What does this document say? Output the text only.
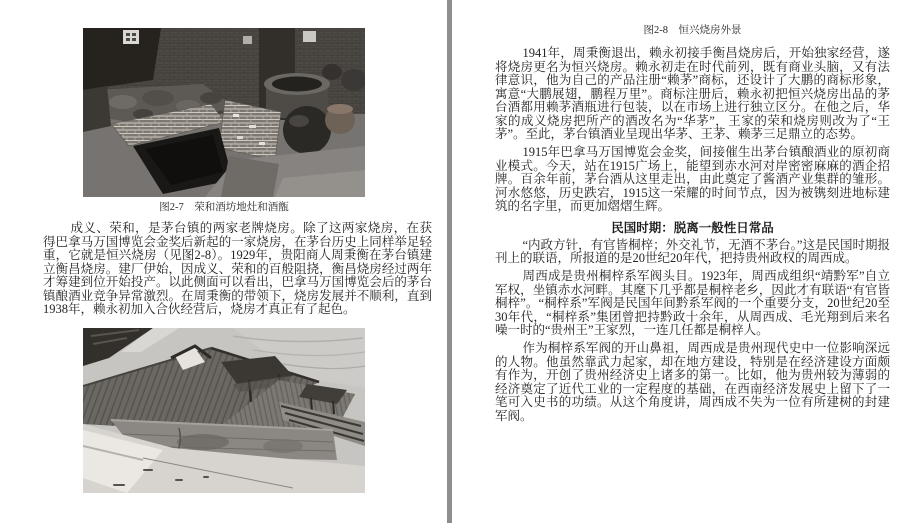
图2-7　荣和酒坊地灶和酒甑

成义、荣和，是茅台镇的两家老牌烧房。除了这两家烧房，在获得巴拿马万国博览会金奖后新起的一家烧房，在茅台历史上同样举足轻重，它就是恒兴烧房（见图2-8）。1929年，贵阳商人周秉衡在茅台镇建立衡昌烧房。建厂伊始，因成义、荣和的百般阻挠，衡昌烧房经过两年才筹建到位开始投产。以此侧面可以看出，巴拿马万国博览会后的茅台镇酿酒业竞争异常激烈。在周秉衡的带领下，烧房发展并不顺利，直到1938年，赖永初加入合伙经营后，烧房才真正有了起色。

图2-8　恒兴烧房外景

1941年，周秉衡退出，赖永初接手衡昌烧房后，开始独家经营，遂将烧房更名为恒兴烧房。赖永初走在时代前列，既有商业头脑，又有法律意识，他为自己的产品注册“赖茅”商标，还设计了大鹏的商标形象，寓意“大鹏展翅，鹏程万里”。商标注册后，赖永初把恒兴烧房出品的茅台酒都用赖茅酒瓶进行包装，以在市场上进行独立区分。在他之后，华家的成义烧房把所产的酒改名为“华茅”，王家的荣和烧房则改为了“王茅”。至此，茅台镇酒业呈现出华茅、王茅、赖茅三足鼎立的态势。

1915年巴拿马万国博览会金奖，间接催生出茅台镇酿酒业的原初商业模式。今天，站在1915广场上，能望到赤水河对岸密密麻麻的酒企招牌。百余年前，茅台酒从这里走出，由此奠定了酱酒产业集群的雏形。河水悠悠，历史跌宕，1915这一荣耀的时间节点，因为被镌刻进地标建筑的名字里，而更加熠熠生辉。

民国时期：脱离一般性日常品

“内政方针，有官皆桐梓；外交礼节，无酒不茅台。”这是民国时期报刊上的联语，所报道的是20世纪20年代，把持贵州政权的周西成。

周西成是贵州桐梓系军阀头目。1923年，周西成组织“靖黔军”自立军权，坐镇赤水河畔。其麾下几乎都是桐梓老乡，因此才有联语“有官皆桐梓”。“桐梓系”军阀是民国年间黔系军阀的一个重要分支，20世纪20至30年代，“桐梓系”集团曾把持黔政十余年，从周西成、毛光翔到后来名噪一时的“贵州王”王家烈，一连几任都是桐梓人。

作为桐梓系军阀的开山鼻祖，周西成是贵州现代史中一位影响深远的人物。他虽然靠武力起家，却在地方建设，特别是在经济建设方面颇有作为，开创了贵州经济史上诸多的第一。比如，他为贵州较为薄弱的经济奠定了近代工业的一定程度的基础，在西南经济发展史上留下了一笔可入史书的功绩。从这个角度讲，周西成不失为一位有所建树的封建军阀。
